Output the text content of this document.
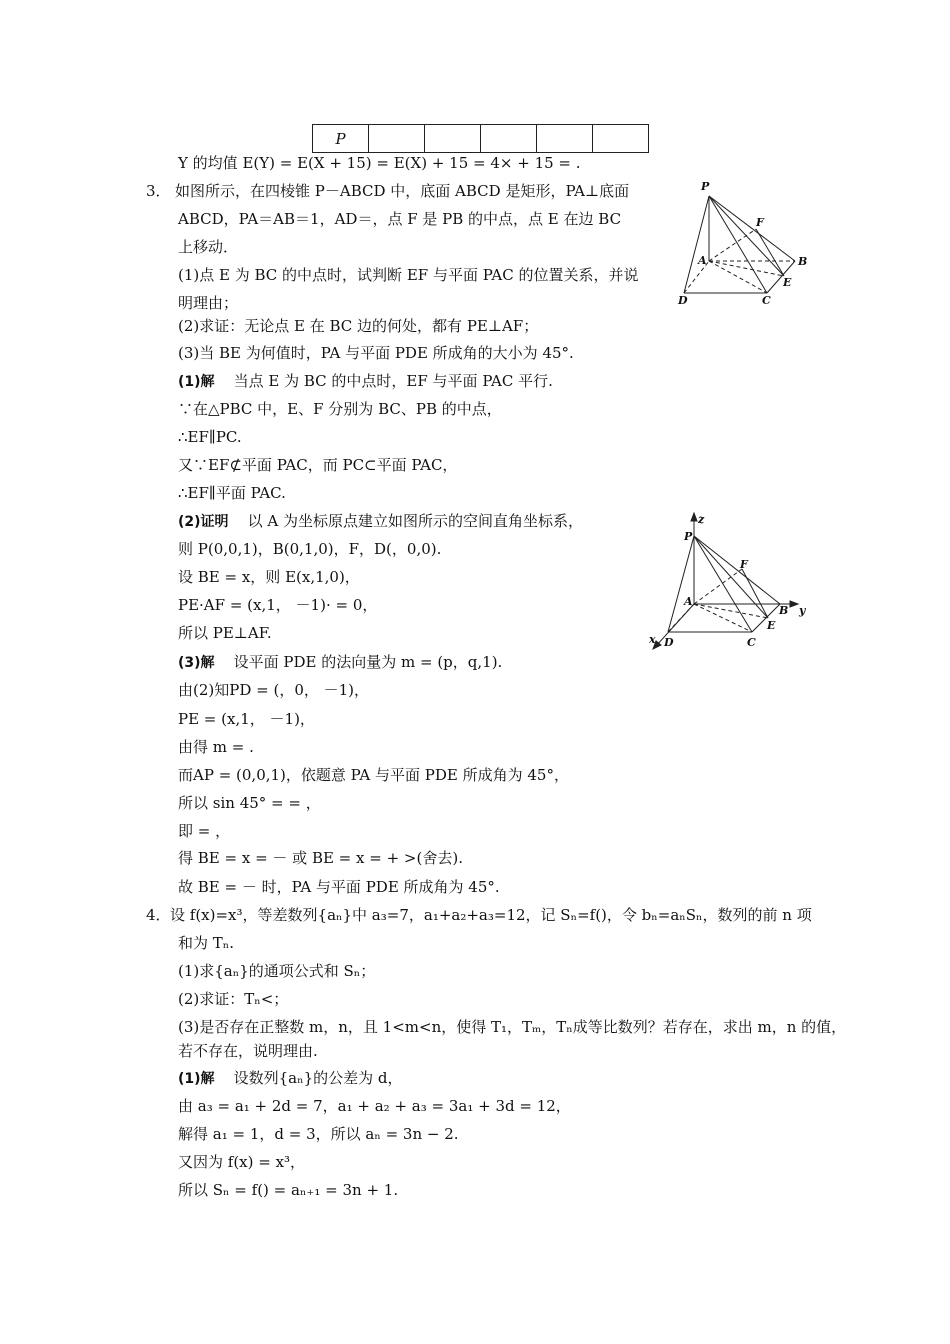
P					
Y 的均值 E(Y) = E(X + 15) = E(X) + 15 = 4× + 15 = .
3． 如图所示，在四棱锥 P－ABCD 中，底面 ABCD 是矩形，PA⊥底面
ABCD，PA＝AB＝1，AD＝，点 F 是 PB 的中点，点 E 在边 BC
上移动．
(1)点 E 为 BC 的中点时，试判断 EF 与平面 PAC 的位置关系，并说
明理由；
(2)求证：无论点 E 在 BC 边的何处，都有 PE⊥AF；
(3)当 BE 为何值时，PA 与平面 PDE 所成角的大小为 45°.
(1)解 当点 E 为 BC 的中点时，EF 与平面 PAC 平行.
∵在△PBC 中，E、F 分别为 BC、PB 的中点，
∴EF∥PC.
又∵EF⊄平面 PAC，而 PC⊂平面 PAC，
∴EF∥平面 PAC.
(2)证明 以 A 为坐标原点建立如图所示的空间直角坐标系，
则 P(0,0,1)，B(0,1,0)，F，D(，0,0).
设 BE = x，则 E(x,1,0)，
PE·AF = (x,1， －1)· = 0，
所以 PE⊥AF.
(3)解 设平面 PDE 的法向量为 m = (p，q,1).
由(2)知PD = (，0， －1)，
PE = (x,1， －1)，
由得 m = .
而AP = (0,0,1)，依题意 PA 与平面 PDE 所成角为 45°，
所以 sin 45° = = ，
即 = ，
得 BE = x = － 或 BE = x = + >(舍去).
故 BE = － 时，PA 与平面 PDE 所成角为 45°.
4． 设 f(x)=x³，等差数列{aₙ}中 a₃=7，a₁+a₂+a₃=12，记 Sₙ=f()，令 bₙ=aₙSₙ，数列的前 n 项
和为 Tₙ.
(1)求{aₙ}的通项公式和 Sₙ；
(2)求证：Tₙ<；
(3)是否存在正整数 m，n，且 1<m<n，使得 T₁，Tₘ，Tₙ成等比数列？若存在，求出 m，n 的值，
若不存在，说明理由.
(1)解 设数列{aₙ}的公差为 d，
由 a₃ = a₁ + 2d = 7，a₁ + a₂ + a₃ = 3a₁ + 3d = 12，
解得 a₁ = 1，d = 3，所以 aₙ = 3n − 2.
又因为 f(x) = x³，
所以 Sₙ = f() = aₙ₊₁ = 3n + 1.
P
F
A	B
E
D	C
z
P
F
A
B y
E
x D	C
